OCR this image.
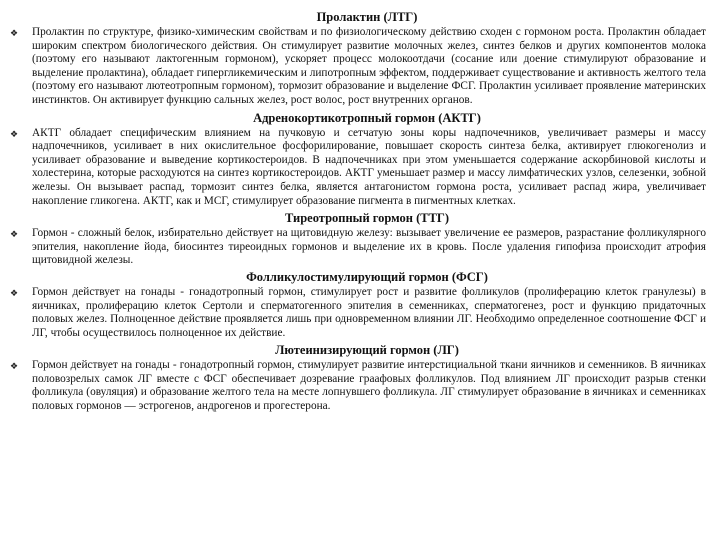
Пролактин (ЛТГ)
❖	Пролактин по структуре, физико-химическим свойствам и по физиологическому действию сходен с гормоном роста. Пролактин обладает широким спектром биологического действия. Он стимулирует развитие молочных желез, синтез белков и других компонентов молока (поэтому его называют лактогенным гормоном), ускоряет процесс молокоотдачи (сосание или доение стимулируют образование и выделение пролактина), обладает гипергликемическим и липотропным эффектом, поддерживает существование и активность желтого тела (поэтому его называют лютеотропным гормоном), тормозит образование и выделение ФСГ. Пролактин усиливает проявление материнских инстинктов. Он активирует функцию сальных желез, рост волос, рост внутренних органов.

Адренокортикотропный гормон (АКТГ)
❖	АКТГ обладает специфическим влиянием на пучковую и сетчатую зоны коры надпочечников, увеличивает размеры и массу надпочечников, усиливает в них окислительное фосфорилирование, повышает скорость синтеза белка, активирует глюкогенолиз и усиливает образование и выведение кортикостероидов. В надпочечниках при этом уменьшается содержание аскорбиновой кислоты и холестерина, которые расходуются на синтез кортикостероидов. АКТГ уменьшает размер и массу лимфатических узлов, селезенки, зобной железы. Он вызывает распад, тормозит синтез белка, является антагонистом гормона роста, усиливает распад жира, увеличивает накопление гликогена. АКТГ, как и МСГ, стимулирует образование пигмента в пигментных клетках.

Тиреотропный гормон (ТТГ)
❖	Гормон - сложный белок, избирательно действует на щитовидную железу: вызывает увеличение ее размеров, разрастание фолликулярного эпителия, накопление йода, биосинтез тиреоидных гормонов и выделение их в кровь. После удаления гипофиза происходит атрофия щитовидной железы.

Фолликулостимулирующий гормон (ФСГ)
❖	Гормон действует на гонады - гонадотропный гормон, стимулирует рост и развитие фолликулов (пролиферацию клеток гранулезы) в яичниках, пролиферацию клеток Сертоли и сперматогенного эпителия в семенниках, сперматогенез, рост и функцию придаточных половых желез. Полноценное действие проявляется лишь при одновременном влиянии ЛГ. Необходимо определенное соотношение ФСГ и ЛГ, чтобы осуществилось полноценное их действие.

Лютеинизирующий гормон (ЛГ)
❖	Гормон действует на гонады - гонадотропный гормон, стимулирует развитие интерстициальной ткани яичников и семенников. В яичниках половозрелых самок ЛГ вместе с ФСГ обеспечивает дозревание граафовых фолликулов. Под влиянием ЛГ происходит разрыв стенки фолликула (овуляция) и образование желтого тела на месте лопнувшего фолликула. ЛГ стимулирует образование в яичниках и семенниках половых гормонов — эстрогенов, андрогенов и прогестерона.
